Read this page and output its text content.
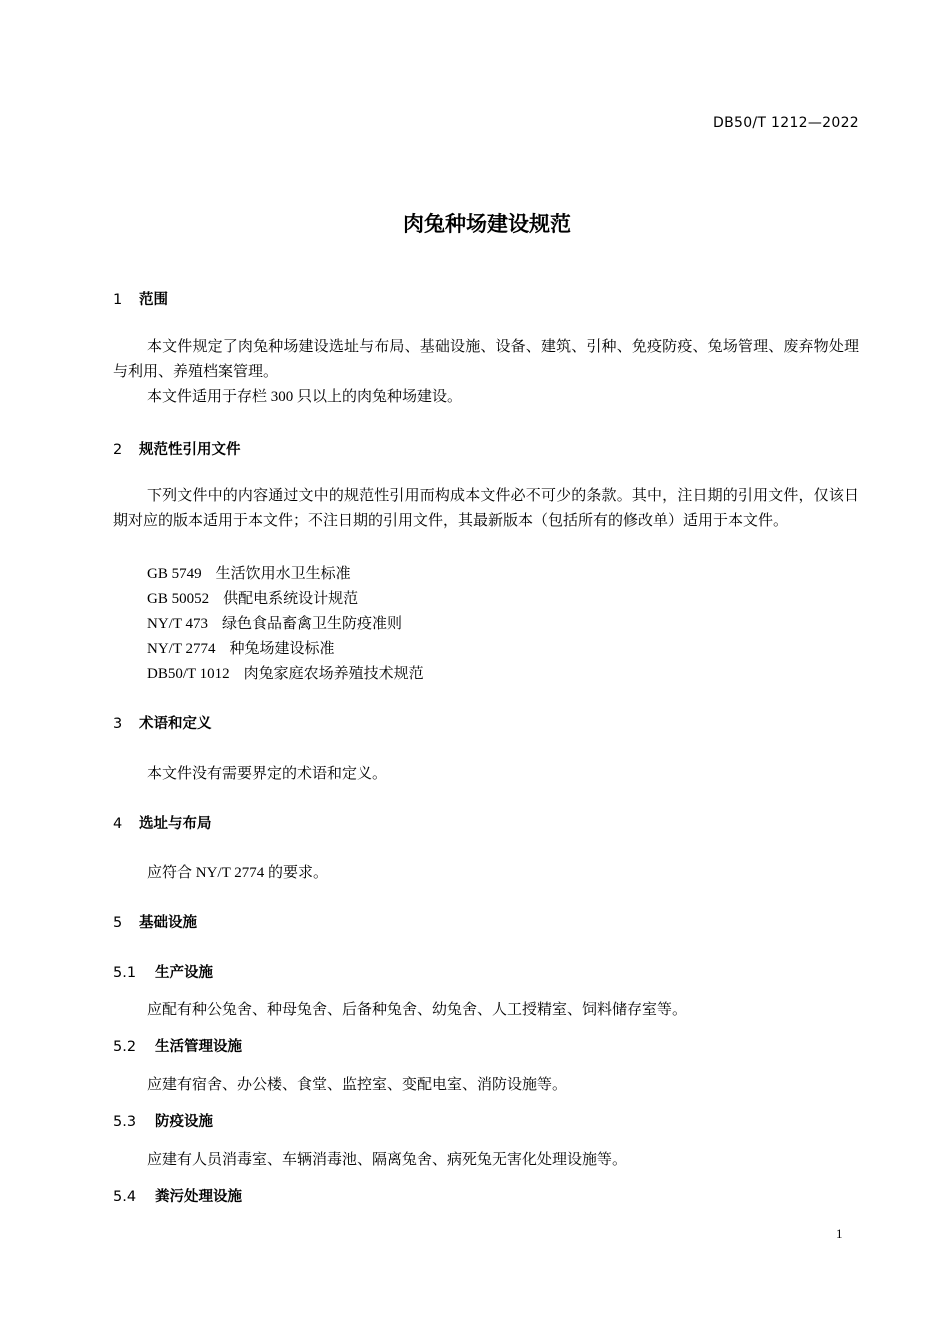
DB50/T 1212—2022
肉兔种场建设规范
1 范围
本文件规定了肉兔种场建设选址与布局、基础设施、设备、建筑、引种、免疫防疫、兔场管理、废弃物处理与利用、养殖档案管理。
本文件适用于存栏 300 只以上的肉兔种场建设。
2 规范性引用文件
下列文件中的内容通过文中的规范性引用而构成本文件必不可少的条款。其中，注日期的引用文件，仅该日期对应的版本适用于本文件；不注日期的引用文件，其最新版本（包括所有的修改单）适用于本文件。
GB 5749 生活饮用水卫生标准
GB 50052 供配电系统设计规范
NY/T 473 绿色食品畜禽卫生防疫准则
NY/T 2774 种兔场建设标准
DB50/T 1012 肉兔家庭农场养殖技术规范
3 术语和定义
本文件没有需要界定的术语和定义。
4 选址与布局
应符合 NY/T 2774 的要求。
5 基础设施
5.1 生产设施
应配有种公兔舍、种母兔舍、后备种兔舍、幼兔舍、人工授精室、饲料储存室等。
5.2 生活管理设施
应建有宿舍、办公楼、食堂、监控室、变配电室、消防设施等。
5.3 防疫设施
应建有人员消毒室、车辆消毒池、隔离兔舍、病死兔无害化处理设施等。
5.4 粪污处理设施
1
